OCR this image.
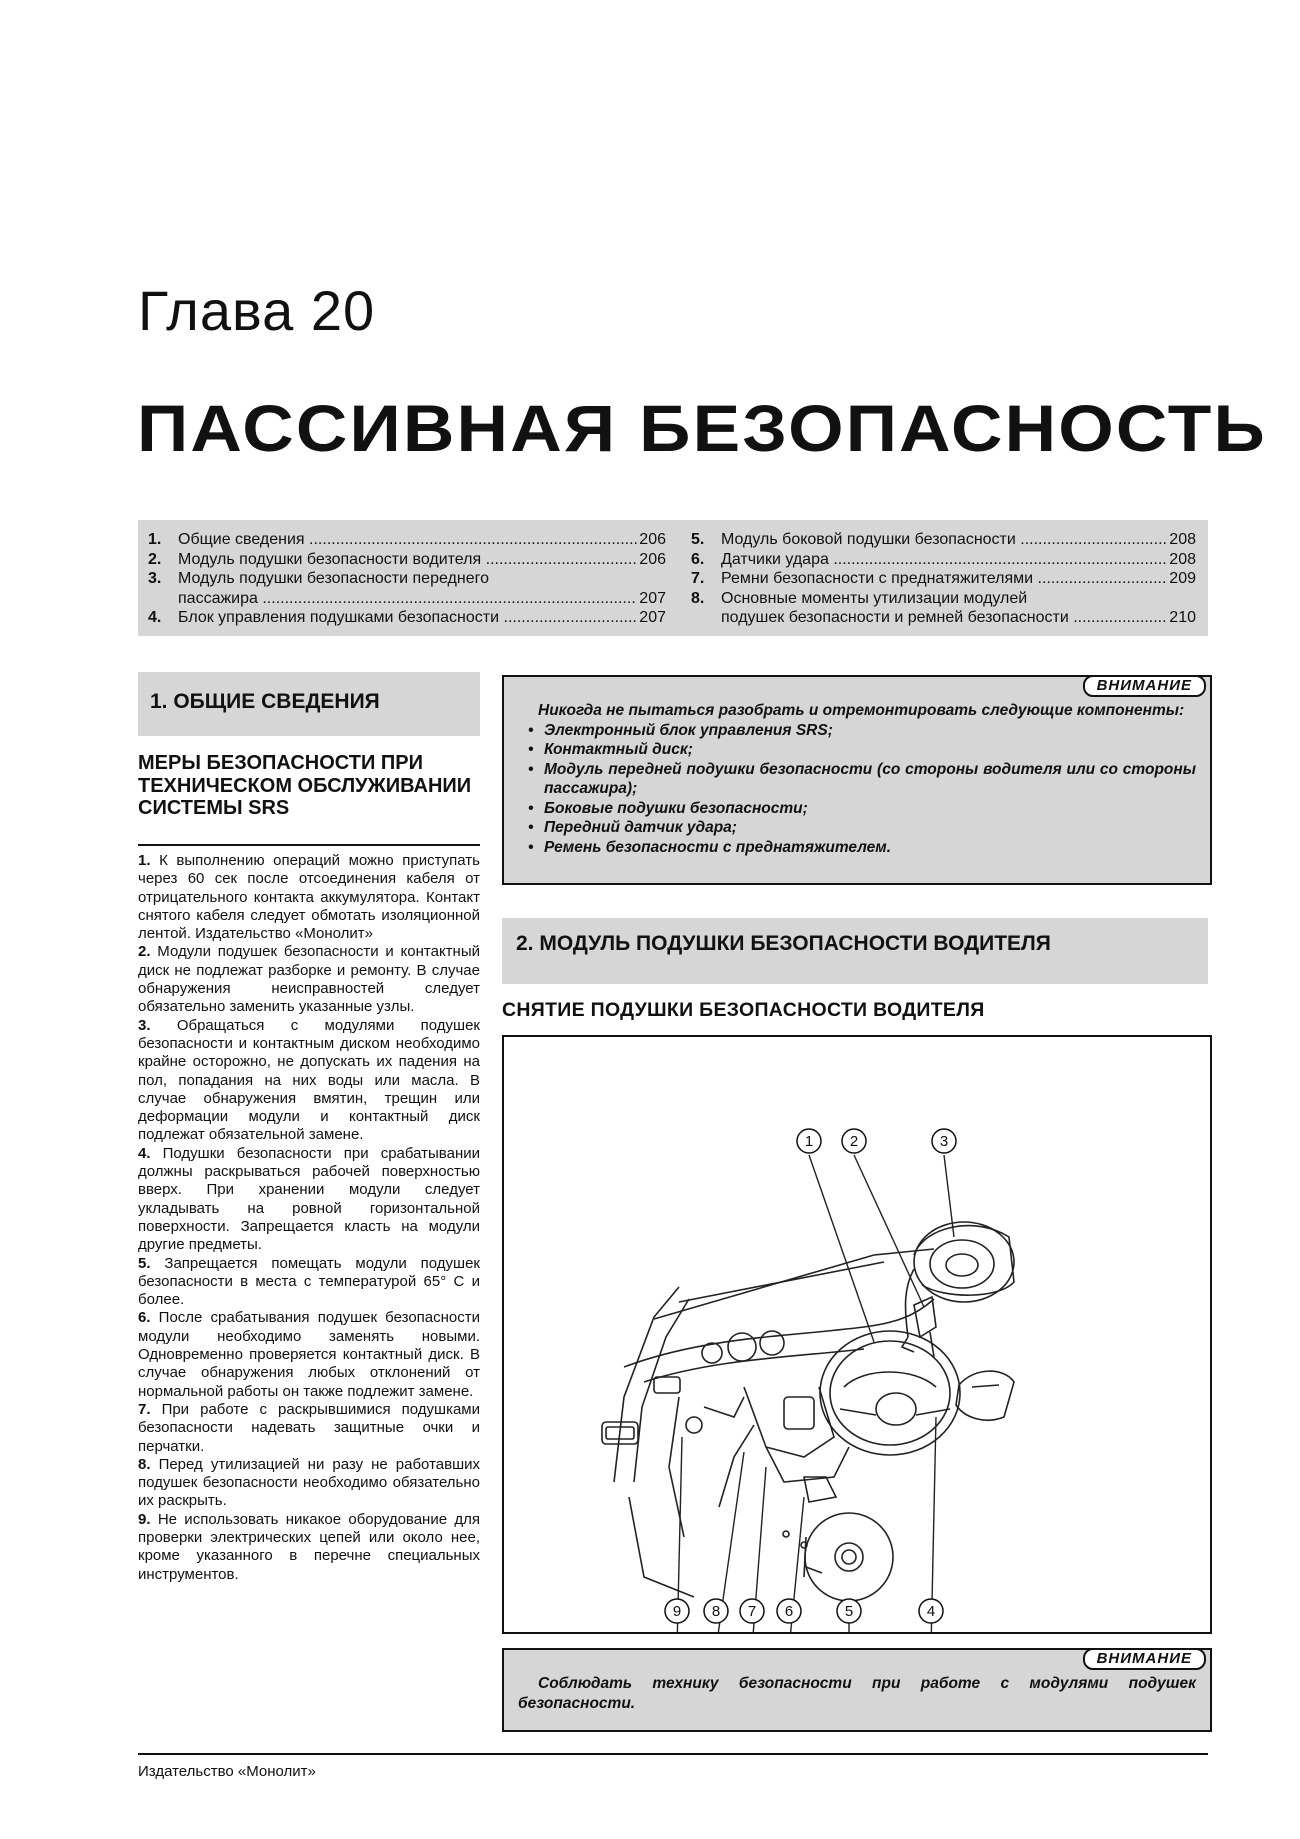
Глава 20
ПАССИВНАЯ БЕЗОПАСНОСТЬ
1.	Общие сведения .....	206
2.	Модуль подушки безопасности водителя .....	206
3.	Модуль подушки безопасности переднего
пассажира .....	207
4.	Блок управления подушками безопасности .....	207
5.	Модуль боковой подушки безопасности .....	208
6.	Датчики удара .....	208
7.	Ремни безопасности с преднатяжителями .....	209
8.	Основные моменты утилизации модулей
подушек безопасности и ремней безопасности .....	210
1. ОБЩИЕ СВЕДЕНИЯ
МЕРЫ БЕЗОПАСНОСТИ ПРИ ТЕХНИЧЕСКОМ ОБСЛУЖИВАНИИ СИСТЕМЫ SRS

1. К выполнению операций можно приступать через 60 сек после отсоединения кабеля от отрицательного контакта аккумулятора. Контакт снятого кабеля следует обмотать изоляционной лентой. Издательство «Монолит»

2. Модули подушек безопасности и контактный диск не подлежат разборке и ремонту. В случае обнаружения неисправностей следует обязательно заменить указанные узлы.

3. Обращаться с модулями подушек безопасности и контактным диском необходимо крайне осторожно, не допускать их падения на пол, попадания на них воды или масла. В случае обнаружения вмятин, трещин или деформации модули и контактный диск подлежат обязательной замене.

4. Подушки безопасности при срабатывании должны раскрываться рабочей поверхностью вверх. При хранении модули следует укладывать на ровной горизонтальной поверхности. Запрещается класть на модули другие предметы.

5. Запрещается помещать модули подушек безопасности в места с температурой 65° С и более.

6. После срабатывания подушек безопасности модули необходимо заменять новыми. Одновременно проверяется контактный диск. В случае обнаружения любых отклонений от нормальной работы он также подлежит замене.

7. При работе с раскрывшимися подушками безопасности надевать защитные очки и перчатки.

8. Перед утилизацией ни разу не работавших подушек безопасности необходимо обязательно их раскрыть.

9. Не использовать никакое оборудование для проверки электрических цепей или около нее, кроме указанного в перечне специальных инструментов.

ВНИМАНИЕ
Никогда не пытаться разобрать и отремонтировать следующие компоненты:
• Электронный блок управления SRS;
• Контактный диск;
• Модуль передней подушки безопасности (со стороны водителя или со стороны пассажира);
• Боковые подушки безопасности;
• Передний датчик удара;
• Ремень безопасности с преднатяжителем.
2. МОДУЛЬ ПОДУШКИ БЕЗОПАСНОСТИ ВОДИТЕЛЯ
СНЯТИЕ ПОДУШКИ БЕЗОПАСНОСТИ ВОДИТЕЛЯ
1 2	3
4
5
6
7
8
9
ВНИМАНИЕ
Соблюдать технику безопасности при работе с модулями подушек безопасности.
Издательство «Монолит»
